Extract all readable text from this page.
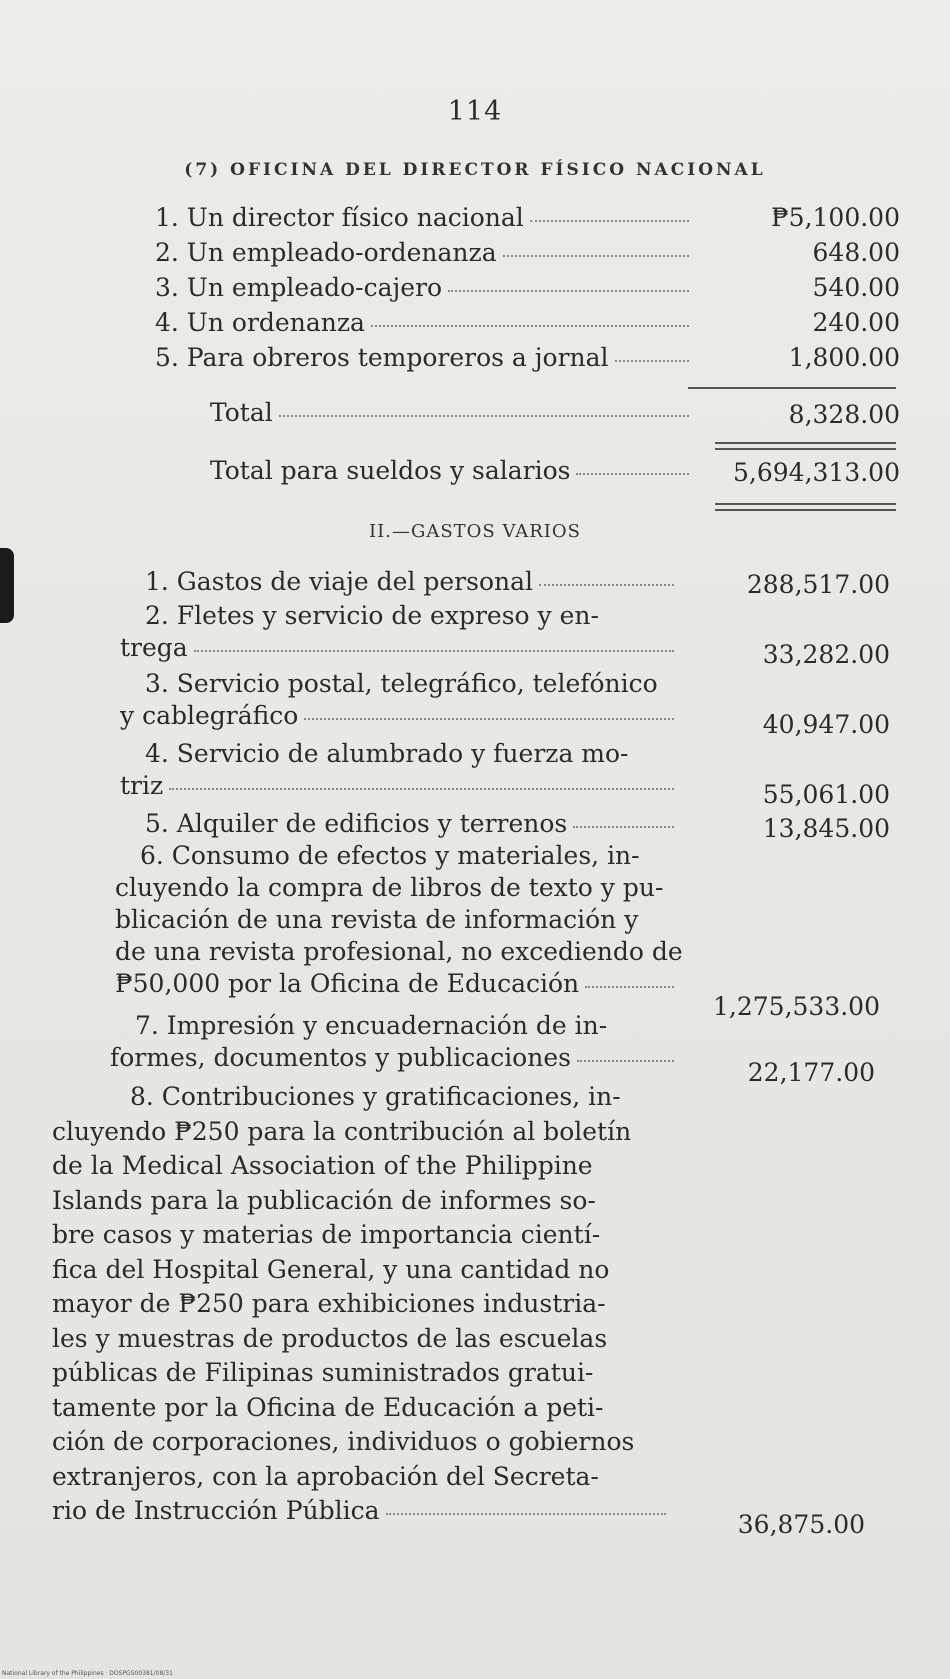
114
(7) OFICINA DEL DIRECTOR FÍSICO NACIONAL
1. Un director físico nacional	₱5,100.00
2. Un empleado-ordenanza	648.00
3. Un empleado-cajero	540.00
4. Un ordenanza	240.00
5. Para obreros temporeros a jornal	1,800.00
Total	8,328.00
Total para sueldos y salarios	5,694,313.00
II.—GASTOS VARIOS
1. Gastos de viaje del personal	288,517.00
2. Fletes y servicio de expreso y en-
trega	33,282.00
3. Servicio postal, telegráfico, telefónico
y cablegráfico	40,947.00
4. Servicio de alumbrado y fuerza mo-
triz	55,061.00
5. Alquiler de edificios y terrenos	13,845.00
6. Consumo de efectos y materiales, in-
cluyendo la compra de libros de texto y pu-
blicación de una revista de información y
de una revista profesional, no excediendo de
₱50,000 por la Oficina de Educación
1,275,533.00
7. Impresión y encuadernación de in-
formes, documentos y publicaciones
22,177.00
8. Contribuciones y gratificaciones, in-
cluyendo ₱250 para la contribución al boletín
de la Medical Association of the Philippine
Islands para la publicación de informes so-
bre casos y materias de importancia cientí-
fica del Hospital General, y una cantidad no
mayor de ₱250 para exhibiciones industria-
les y muestras de productos de las escuelas
públicas de Filipinas suministrados gratui-
tamente por la Oficina de Educación a peti-
ción de corporaciones, individuos o gobiernos
extranjeros, con la aprobación del Secreta-
rio de Instrucción Pública	36,875.00
National Library of the Philippines · DOSPGS00381/08/31
